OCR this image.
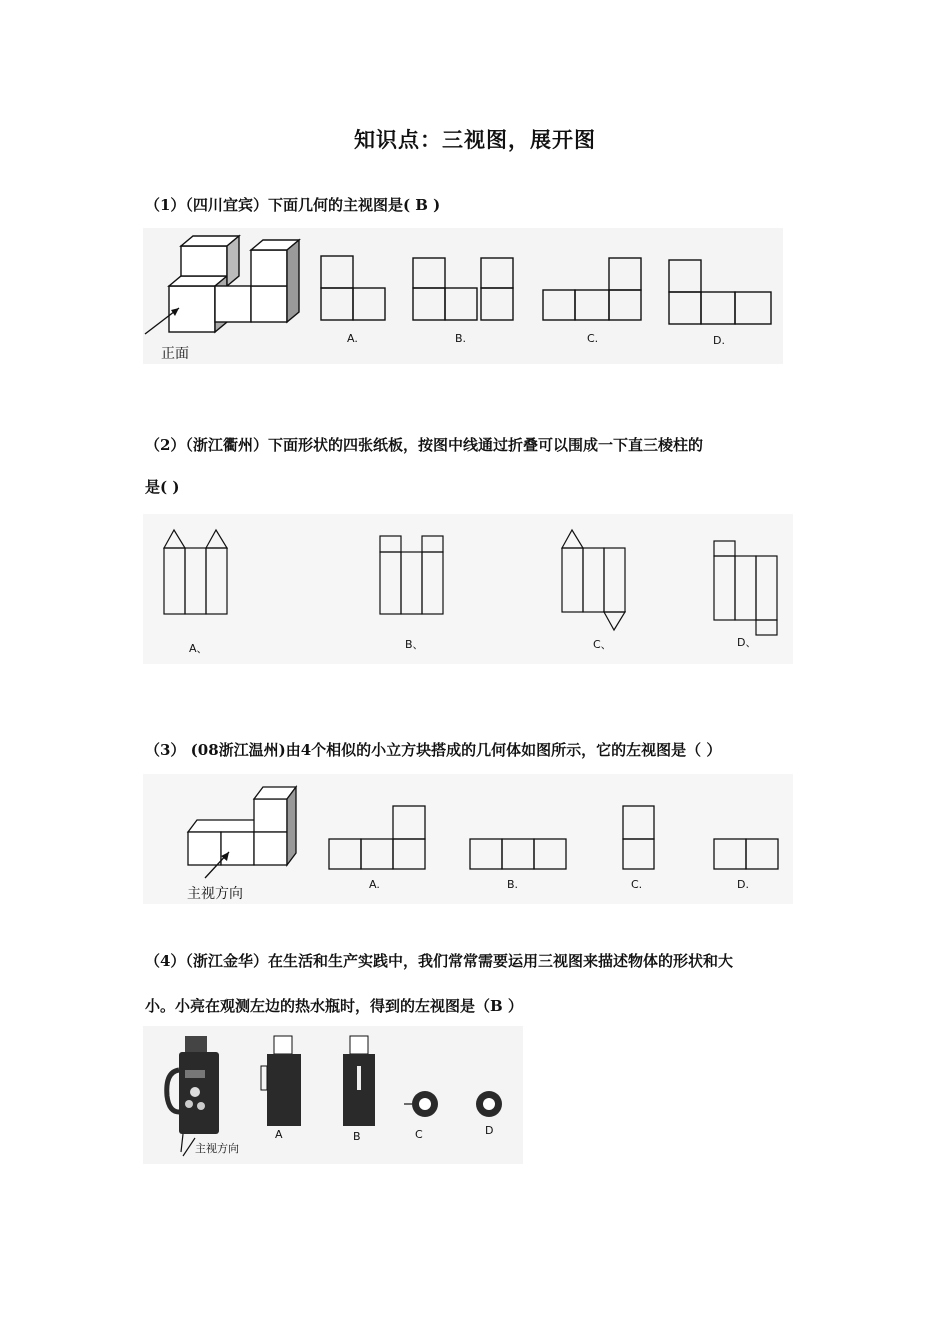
知识点：三视图，展开图
（1）（四川宜宾）下面几何的主视图是( B )
正面
A.	B.	C.	D.
（2）（浙江衢州）下面形状的四张纸板，按图中线通过折叠可以围成一下直三棱柱的
是( )
A、	B、	C、	D、
（3） (08浙江温州)由4个相似的小立方块搭成的几何体如图所示，它的左视图是（ ）
主视方向
A.	B.	C.	D.
（4）（浙江金华）在生活和生产实践中，我们常常需要运用三视图来描述物体的形状和大
小。小亮在观测左边的热水瓶时，得到的左视图是（B ）
主视方向
A	B	C	D
